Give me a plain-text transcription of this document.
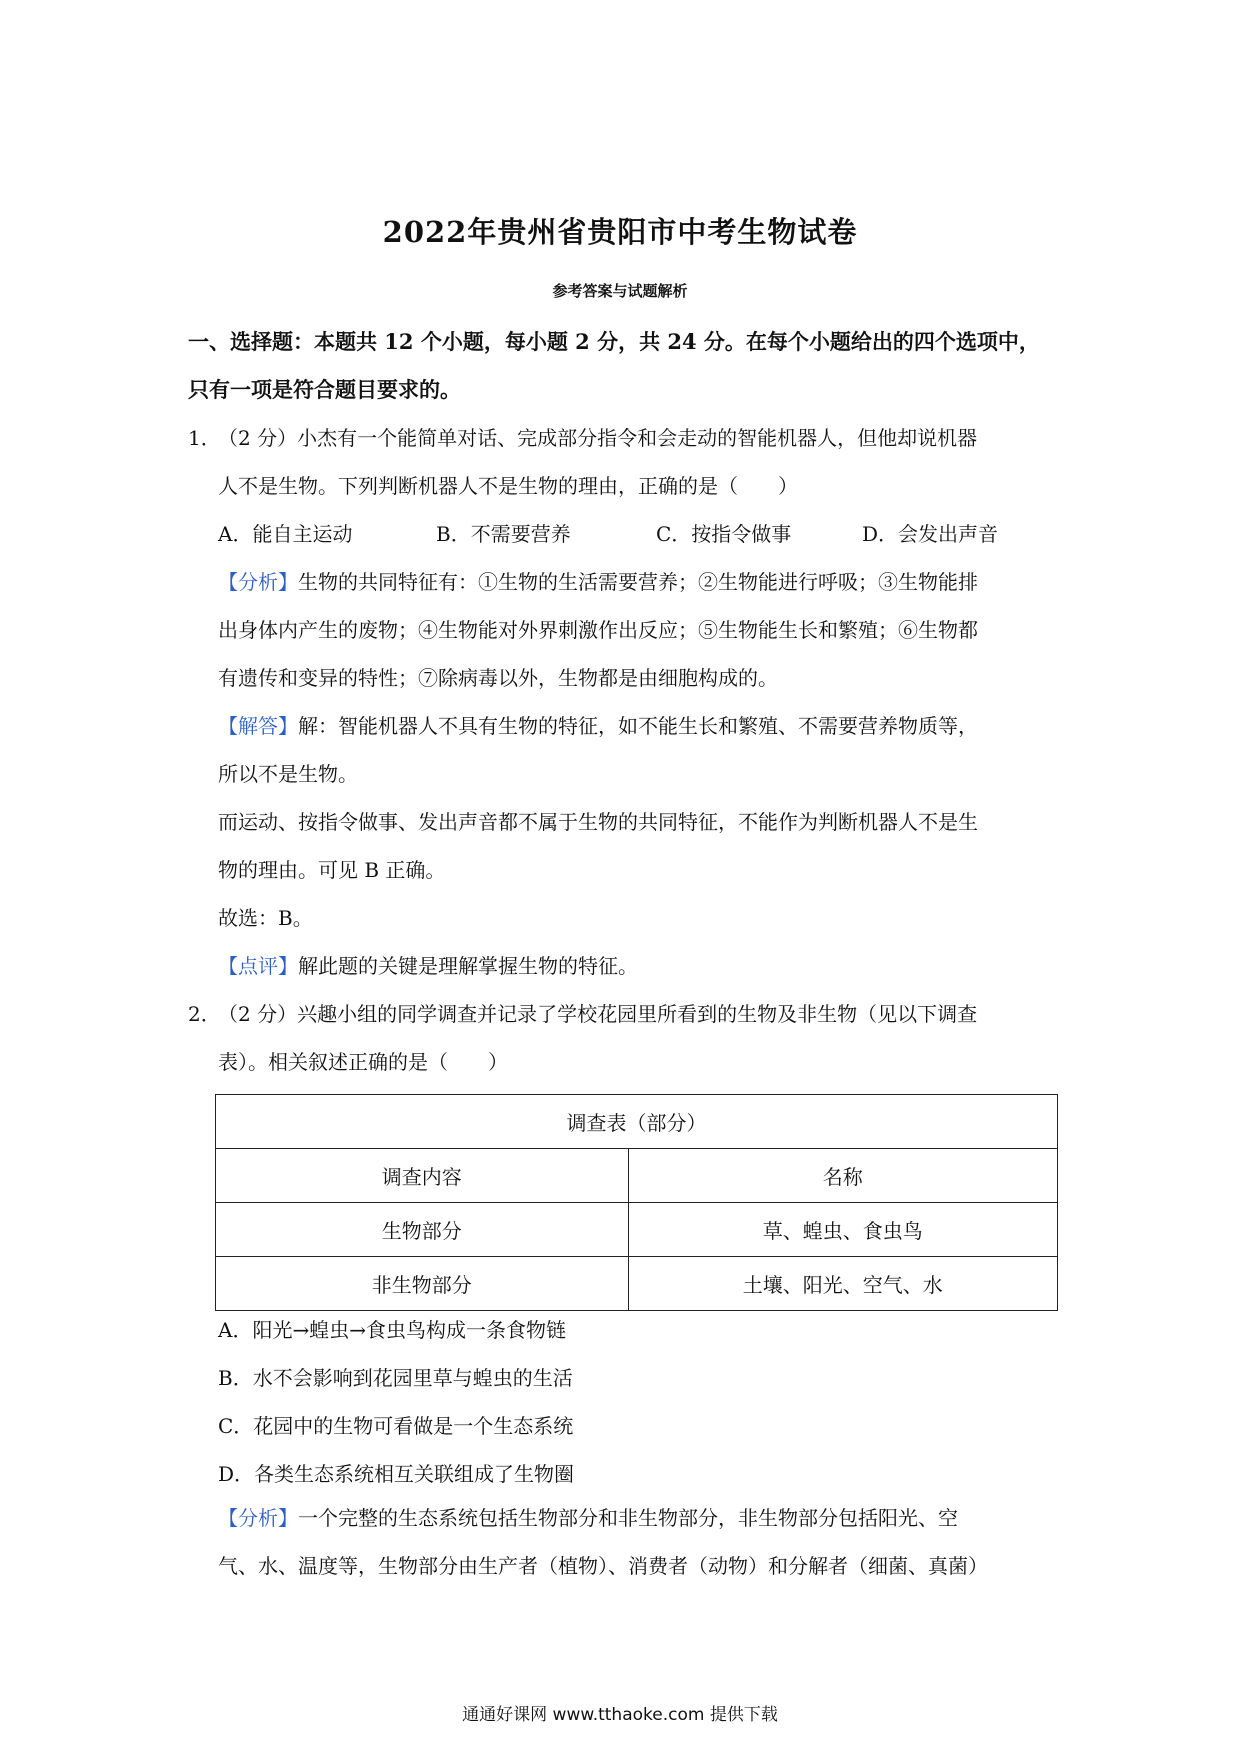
2022年贵州省贵阳市中考生物试卷
参考答案与试题解析
一、选择题：本题共 12 个小题，每小题 2 分，共 24 分。在每个小题给出的四个选项中，
只有一项是符合题目要求的。
1．
（2 分）小杰有一个能简单对话、完成部分指令和会走动的智能机器人，但他却说机器
人不是生物。下列判断机器人不是生物的理由，正确的是（　　）
A．能自主运动	B．不需要营养	C．按指令做事	D．会发出声音
【分析】生物的共同特征有：①生物的生活需要营养；②生物能进行呼吸；③生物能排
出身体内产生的废物；④生物能对外界刺激作出反应；⑤生物能生长和繁殖；⑥生物都
有遗传和变异的特性；⑦除病毒以外，生物都是由细胞构成的。
【解答】解：智能机器人不具有生物的特征，如不能生长和繁殖、不需要营养物质等，
所以不是生物。
而运动、按指令做事、发出声音都不属于生物的共同特征，不能作为判断机器人不是生
物的理由。可见 B 正确。
故选：B。
【点评】解此题的关键是理解掌握生物的特征。
2．
（2 分）兴趣小组的同学调查并记录了学校花园里所看到的生物及非生物（见以下调查
表）。相关叙述正确的是（　　）
调查表（部分）	
调查内容	名称
生物部分	草、蝗虫、食虫鸟
非生物部分	土壤、阳光、空气、水
A．阳光→蝗虫→食虫鸟构成一条食物链
B．水不会影响到花园里草与蝗虫的生活
C．花园中的生物可看做是一个生态系统
D．各类生态系统相互关联组成了生物圈
【分析】一个完整的生态系统包括生物部分和非生物部分，非生物部分包括阳光、空
气、水、温度等，生物部分由生产者（植物）、消费者（动物）和分解者（细菌、真菌）
通通好课网 www.tthaoke.com 提供下载
